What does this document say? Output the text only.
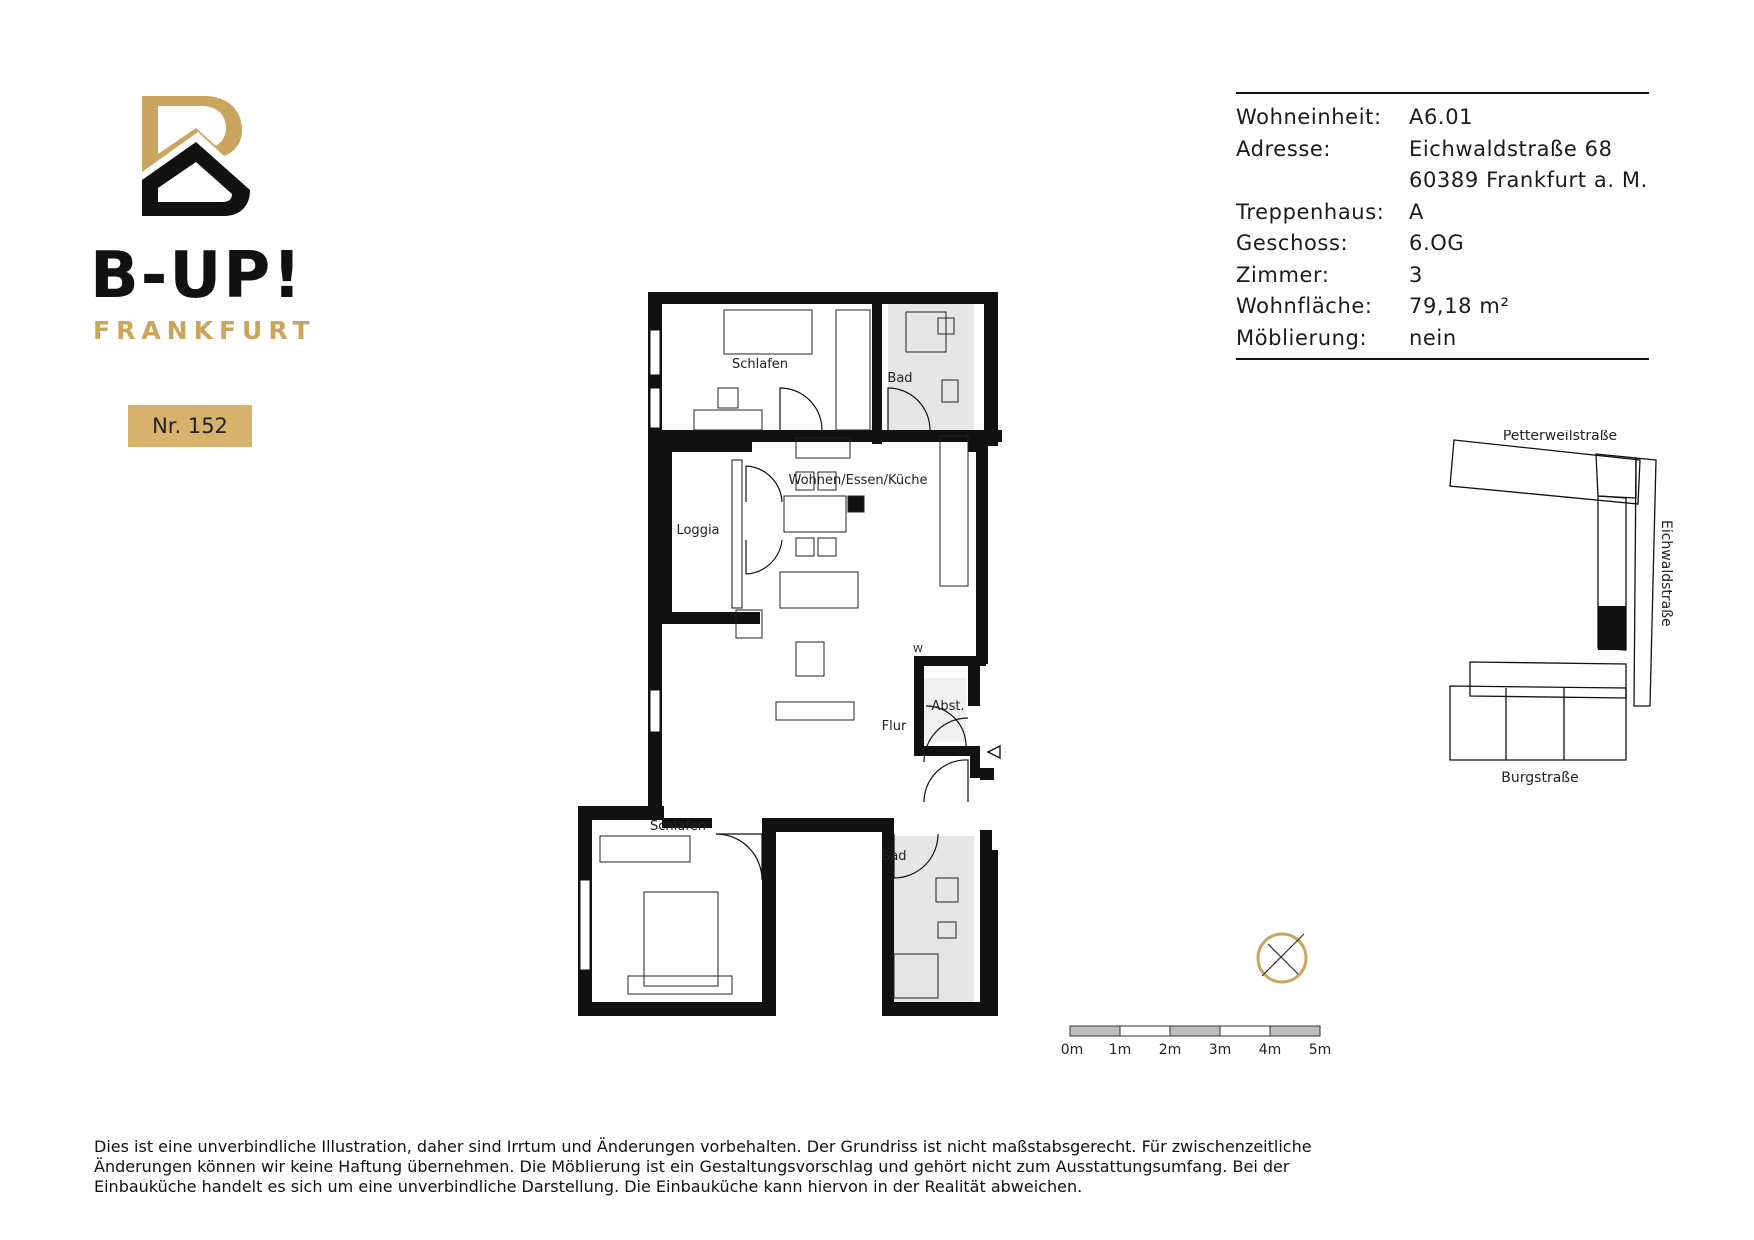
B-UP!
FRANKFURT
Nr. 152
Wohneinheit:	A6.01
Adresse:	Eichwaldstraße 68
60389 Frankfurt a. M.
Treppenhaus:	A
Geschoss:	6.OG
Zimmer:	3
Wohnfläche:	79,18 m²
Möblierung:	nein
Schlafen
Bad
Wohnen/Essen/Küche
Loggia
Abst.
Flur
Schlafen
Bad
W
Petterweilstraße
Eichwaldstraße
Burgstraße
0m 1m 2m 3m 4m 5m
Dies ist eine unverbindliche Illustration, daher sind Irrtum und Änderungen vorbehalten. Der Grundriss ist nicht maßstabsgerecht. Für zwischenzeitliche Änderungen können wir keine Haftung übernehmen. Die Möblierung ist ein Gestaltungsvorschlag und gehört nicht zum Ausstattungsumfang. Bei der Einbauküche handelt es sich um eine unverbindliche Darstellung. Die Einbauküche kann hiervon in der Realität abweichen.
